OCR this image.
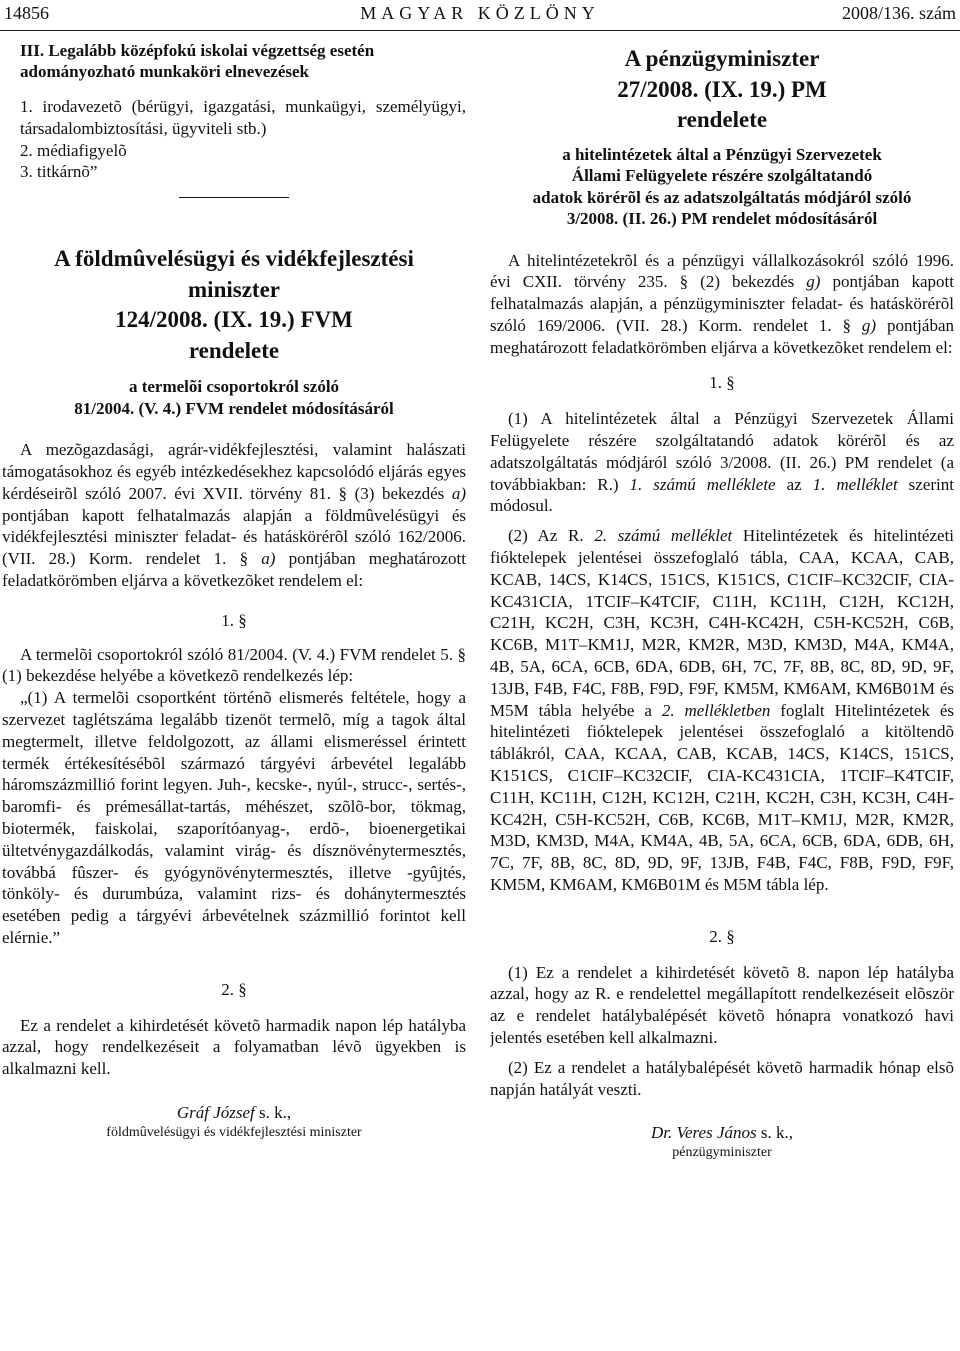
14856	MAGYAR KÖZLÖNY	2008/136. szám

III. Legalább középfokú iskolai végzettség esetén

adományozható munkaköri elnevezések

1. irodavezetõ (bérügyi, igazgatási, munkaügyi, személyügyi, társadalombiztosítási, ügyviteli stb.)

2. médiafigyelõ

3. titkárnõ”

A földmûvelésügyi és vidékfejlesztési

miniszter

124/2008. (IX. 19.) FVM

rendelete

a termelõi csoportokról szóló

81/2004. (V. 4.) FVM rendelet módosításáról

A mezõgazdasági, agrár-vidékfejlesztési, valamint halászati támogatásokhoz és egyéb intézkedésekhez kapcsolódó eljárás egyes kérdéseirõl szóló 2007. évi XVII. törvény 81. § (3) bekezdés a) pontjában kapott felhatalmazás alapján a földmûvelésügyi és vidékfejlesztési miniszter feladat- és hatáskörérõl szóló 162/2006. (VII. 28.) Korm. rendelet 1. § a) pontjában meghatározott feladatkörömben eljárva a következõket rendelem el:

1. §

A termelõi csoportokról szóló 81/2004. (V. 4.) FVM rendelet 5. § (1) bekezdése helyébe a következõ rendelkezés lép:

„(1) A termelõi csoportként történõ elismerés feltétele, hogy a szervezet taglétszáma legalább tizenöt termelõ, míg a tagok által megtermelt, illetve feldolgozott, az állami elismeréssel érintett termék értékesítésébõl származó tárgyévi árbevétel legalább háromszázmillió forint legyen. Juh-, kecske-, nyúl-, strucc-, sertés-, baromfi- és prémesállat-tartás, méhészet, szõlõ-bor, tökmag, biotermék, faiskolai, szaporítóanyag-, erdõ-, bioenergetikai ültetvénygazdálkodás, valamint virág- és dísznövénytermesztés, továbbá fûszer- és gyógynövénytermesztés, illetve -gyûjtés, tönköly- és durumbúza, valamint rizs- és dohánytermesztés esetében pedig a tárgyévi árbevételnek százmillió forintot kell elérnie.”

2. §

Ez a rendelet a kihirdetését követõ harmadik napon lép hatályba azzal, hogy rendelkezéseit a folyamatban lévõ ügyekben is alkalmazni kell.

Gráf József s. k.,

földmûvelésügyi és vidékfejlesztési miniszter

A pénzügyminiszter

27/2008. (IX. 19.) PM

rendelete

a hitelintézetek által a Pénzügyi Szervezetek

Állami Felügyelete részére szolgáltatandó

adatok körérõl és az adatszolgáltatás módjáról szóló

3/2008. (II. 26.) PM rendelet módosításáról

A hitelintézetekrõl és a pénzügyi vállalkozásokról szóló 1996. évi CXII. törvény 235. § (2) bekezdés g) pontjában kapott felhatalmazás alapján, a pénzügyminiszter feladat- és hatáskörérõl szóló 169/2006. (VII. 28.) Korm. rendelet 1. § g) pontjában meghatározott feladatkörömben eljárva a következõket rendelem el:

1. §

(1) A hitelintézetek által a Pénzügyi Szervezetek Állami Felügyelete részére szolgáltatandó adatok körérõl és az adatszolgáltatás módjáról szóló 3/2008. (II. 26.) PM rendelet (a továbbiakban: R.) 1. számú melléklete az 1. melléklet szerint módosul.

(2) Az R. 2. számú melléklet Hitelintézetek és hitelintézeti fióktelepek jelentései összefoglaló tábla, CAA, KCAA, CAB, KCAB, 14CS, K14CS, 151CS, K151CS, C1CIF–KC32CIF, CIA-KC431CIA, 1TCIF–K4TCIF, C11H, KC11H, C12H, KC12H, C21H, KC2H, C3H, KC3H, C4H-KC42H, C5H-KC52H, C6B, KC6B, M1T–KM1J, M2R, KM2R, M3D, KM3D, M4A, KM4A, 4B, 5A, 6CA, 6CB, 6DA, 6DB, 6H, 7C, 7F, 8B, 8C, 8D, 9D, 9F, 13JB, F4B, F4C, F8B, F9D, F9F, KM5M, KM6AM, KM6B01M és M5M tábla helyébe a 2. mellékletben foglalt Hitelintézetek és hitelintézeti fióktelepek jelentései összefoglaló a kitöltendõ táblákról, CAA, KCAA, CAB, KCAB, 14CS, K14CS, 151CS, K151CS, C1CIF–KC32CIF, CIA-KC431CIA, 1TCIF–K4TCIF, C11H, KC11H, C12H, KC12H, C21H, KC2H, C3H, KC3H, C4H-KC42H, C5H-KC52H, C6B, KC6B, M1T–KM1J, M2R, KM2R, M3D, KM3D, M4A, KM4A, 4B, 5A, 6CA, 6CB, 6DA, 6DB, 6H, 7C, 7F, 8B, 8C, 8D, 9D, 9F, 13JB, F4B, F4C, F8B, F9D, F9F, KM5M, KM6AM, KM6B01M és M5M tábla lép.

2. §

(1) Ez a rendelet a kihirdetését követõ 8. napon lép hatályba azzal, hogy az R. e rendelettel megállapított rendelkezéseit elõször az e rendelet hatálybalépését követõ hónapra vonatkozó havi jelentés esetében kell alkalmazni.

(2) Ez a rendelet a hatálybalépését követõ harmadik hónap elsõ napján hatályát veszti.

Dr. Veres János s. k.,

pénzügyminiszter
